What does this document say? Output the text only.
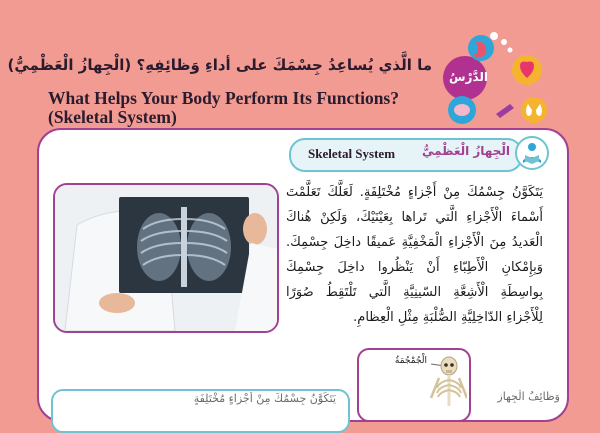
ما الَّذي يُساعِدُ جِسْمَكَ على أداءِ وَظائِفِهِ؟ (الْجِهازُ الْعَظْمِيُّ)
What Helps Your Body Perform Its Functions?
(Skeletal System)
الدَّرْسُ
Skeletal System الْجِهازُ الْعَظْمِيُّ
يَتَكَوَّنُ جِسْمُكَ مِنْ أَجْزاءٍ مُخْتَلِفَةٍ. لَعَلَّكَ تَعَلَّمْتَ أَسْماءَ الْأَجْزاءِ الَّتي تَراها بِعَيْنَيْكَ، وَلَكِنْ هُناكَ الْعَديدُ مِنَ الْأَجْزاءِ الْمَخْفِيَّةِ عَميقًا داخِلَ جِسْمِكَ. وَبِإِمْكانِ الْأَطِبّاءِ أَنْ يَنْظُروا داخِلَ جِسْمِكَ بِواسِطَةِ الْأَشِعَّةِ السّينِيَّةِ الَّتي تَلْتَقِطُ صُوَرًا لِلْأَجْزاءِ الدّاخِلِيَّةِ الصُّلْبَةِ مِثْلِ الْعِظامِ.
الْجُمْجُمَةُ
يَتَكَوَّنُ جِسْمُكَ مِنْ أَجْزاءٍ مُخْتَلِفَةٍ	وَظائِفُ الْجِهازِ
